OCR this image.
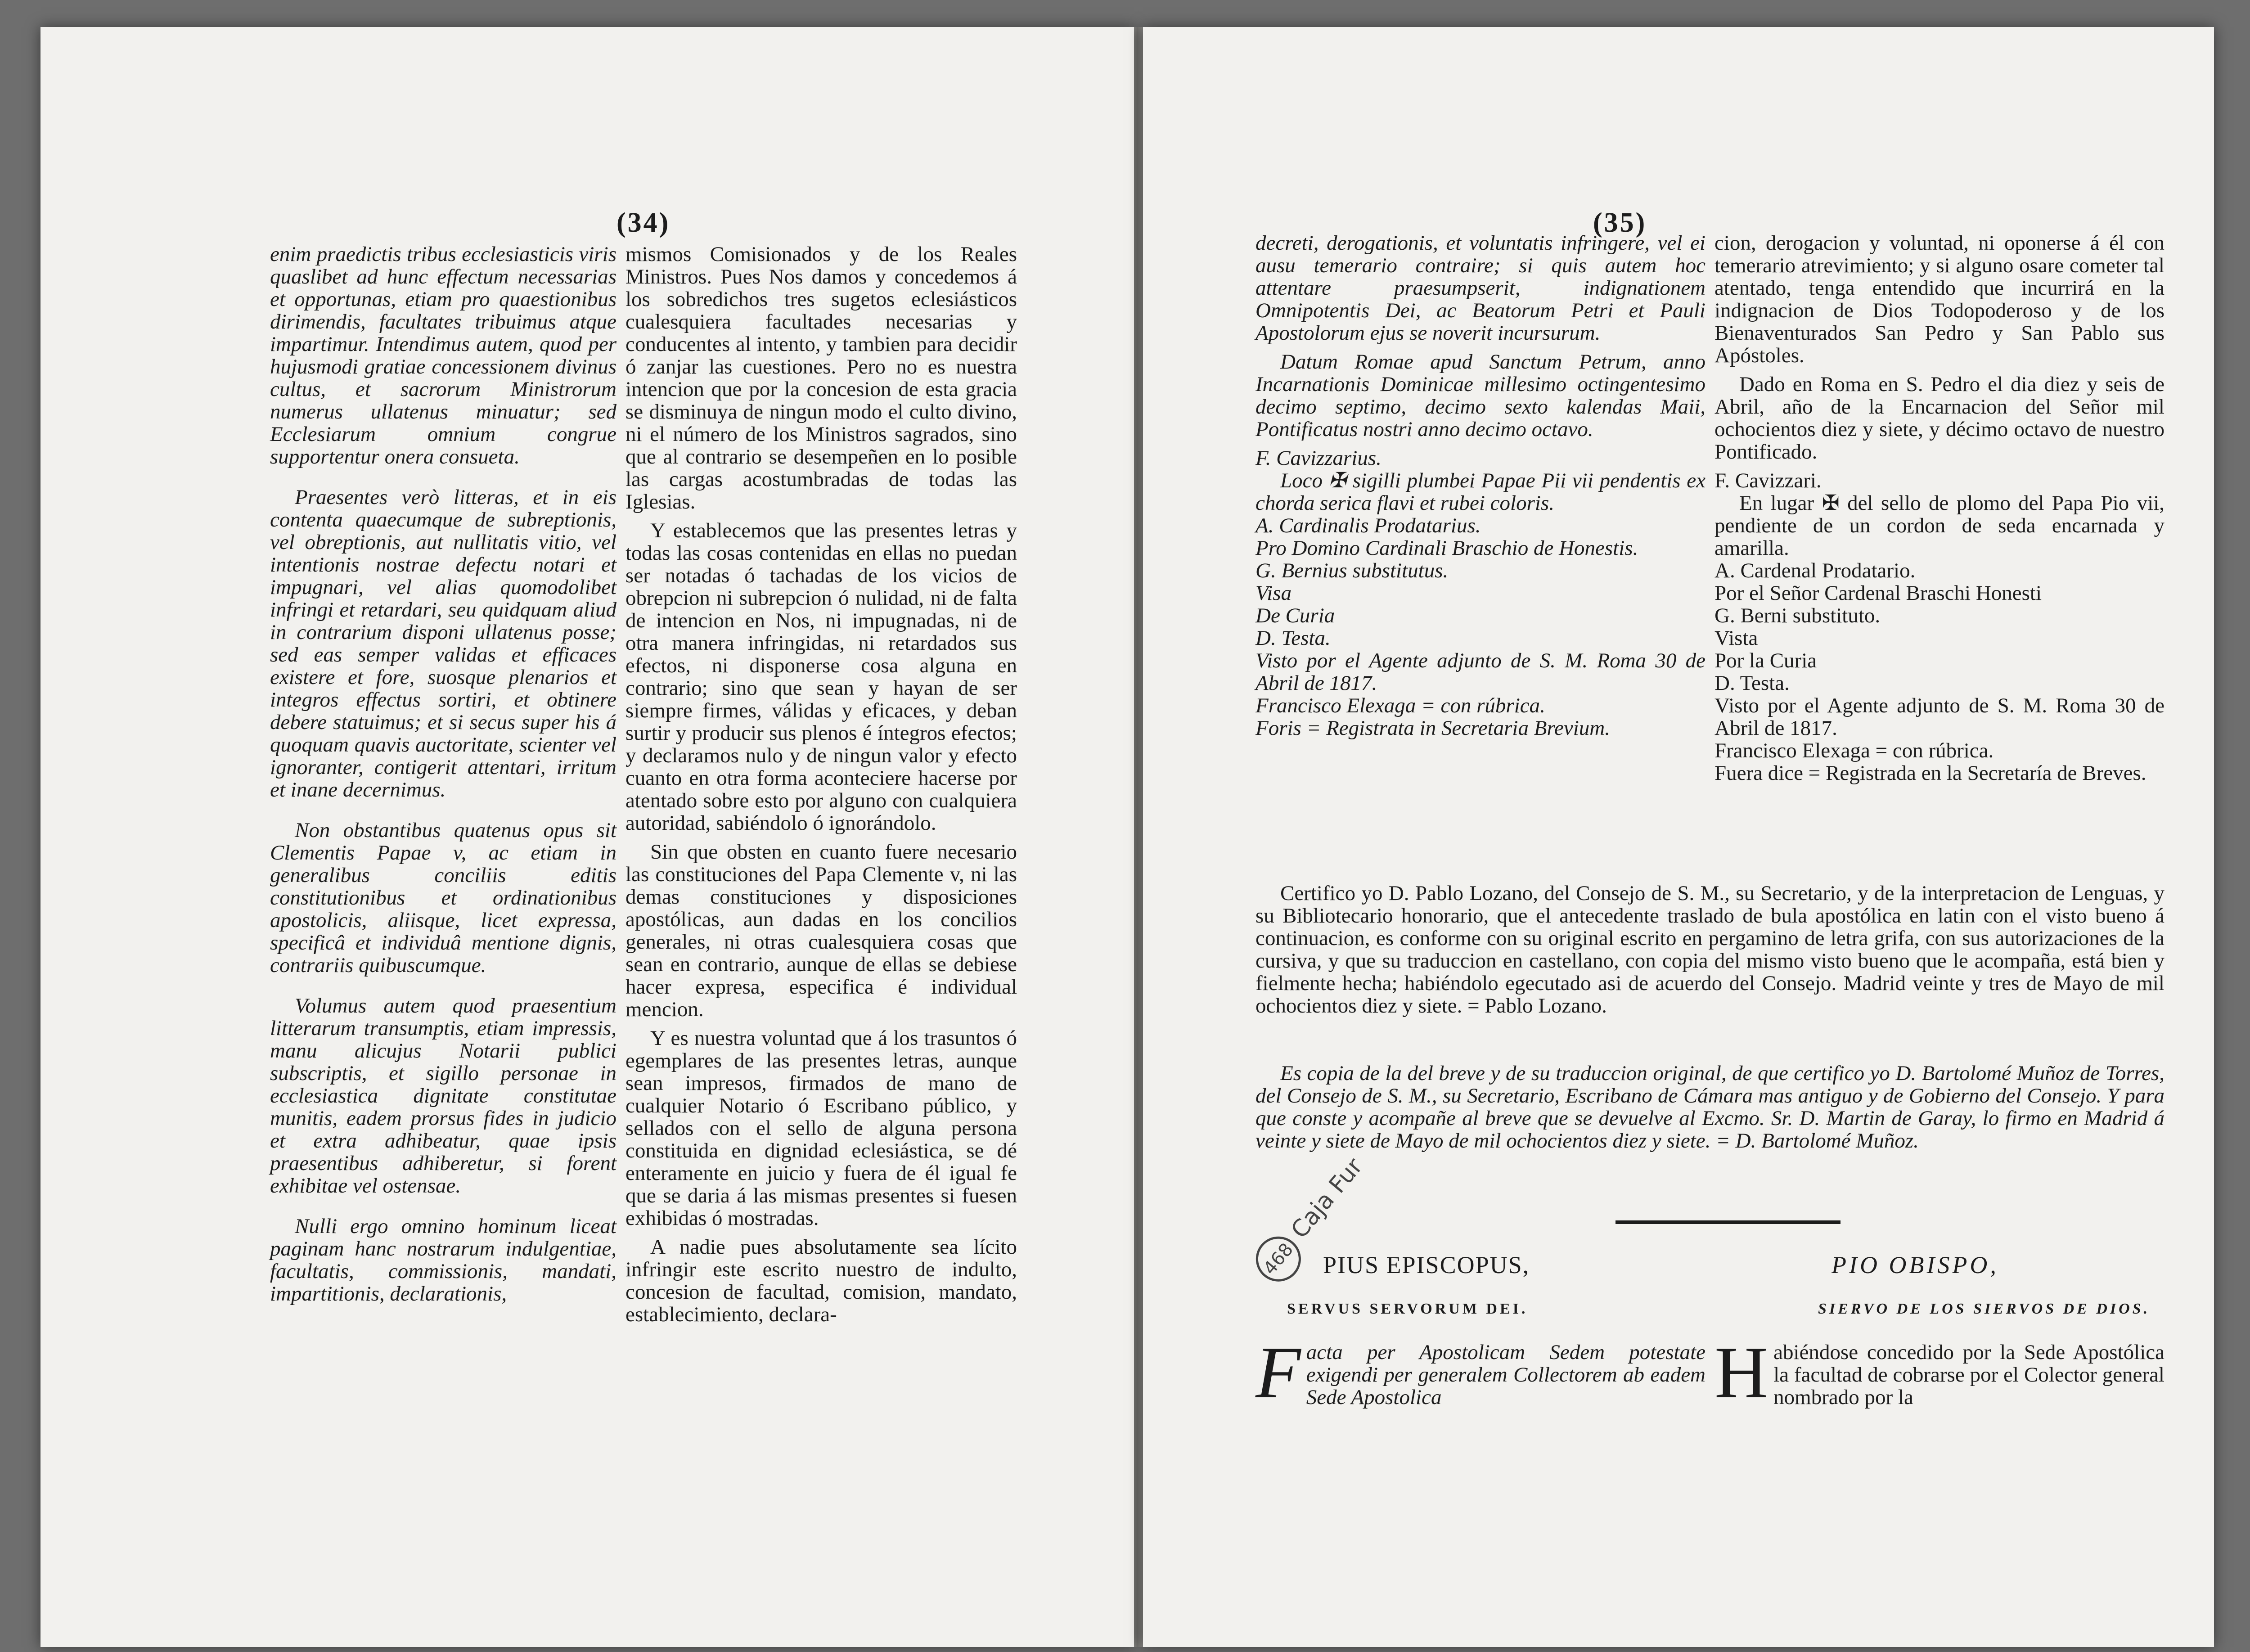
(34)

enim praedictis tribus ecclesiasticis viris quaslibet ad hunc effectum necessarias et opportunas, etiam pro quaestionibus dirimendis, facultates tribuimus atque impartimur. Intendimus autem, quod per hujusmodi gratiae concessionem divinus cultus, et sacrorum Ministrorum numerus ullatenus minuatur; sed Ecclesiarum omnium congrue supportentur onera consueta.

Praesentes verò litteras, et in eis contenta quaecumque de subreptionis, vel obreptionis, aut nullitatis vitio, vel intentionis nostrae defectu notari et impugnari, vel alias quomodolibet infringi et retardari, seu quidquam aliud in contrarium disponi ullatenus posse; sed eas semper validas et efficaces existere et fore, suosque plenarios et integros effectus sortiri, et obtinere debere statuimus; et si secus super his á quoquam quavis auctoritate, scienter vel ignoranter, contigerit attentari, irritum et inane decernimus.

Non obstantibus quatenus opus sit Clementis Papae v, ac etiam in generalibus conciliis editis constitutionibus et ordinationibus apostolicis, aliisque, licet expressa, specificâ et individuâ mentione dignis, contrariis quibuscumque.

Volumus autem quod praesentium litterarum transumptis, etiam impressis, manu alicujus Notarii publici subscriptis, et sigillo personae in ecclesiastica dignitate constitutae munitis, eadem prorsus fides in judicio et extra adhibeatur, quae ipsis praesentibus adhiberetur, si forent exhibitae vel ostensae.

Nulli ergo omnino hominum liceat paginam hanc nostrarum indulgentiae, facultatis, commissionis, mandati, impartitionis, declarationis,

mismos Comisionados y de los Reales Ministros. Pues Nos damos y concedemos á los sobredichos tres sugetos eclesiásticos cualesquiera facultades necesarias y conducentes al intento, y tambien para decidir ó zanjar las cuestiones. Pero no es nuestra intencion que por la concesion de esta gracia se disminuya de ningun modo el culto divino, ni el número de los Ministros sagrados, sino que al contrario se desempeñen en lo posible las cargas acostumbradas de todas las Iglesias.

Y establecemos que las presentes letras y todas las cosas contenidas en ellas no puedan ser notadas ó tachadas de los vicios de obrepcion ni subrepcion ó nulidad, ni de falta de intencion en Nos, ni impugnadas, ni de otra manera infringidas, ni retardados sus efectos, ni disponerse cosa alguna en contrario; sino que sean y hayan de ser siempre firmes, válidas y eficaces, y deban surtir y producir sus plenos é íntegros efectos; y declaramos nulo y de ningun valor y efecto cuanto en otra forma aconteciere hacerse por atentado sobre esto por alguno con cualquiera autoridad, sabiéndolo ó ignorándolo.

Sin que obsten en cuanto fuere necesario las constituciones del Papa Clemente v, ni las demas constituciones y disposiciones apostólicas, aun dadas en los concilios generales, ni otras cualesquiera cosas que sean en contrario, aunque de ellas se debiese hacer expresa, especifica é individual mencion.

Y es nuestra voluntad que á los trasuntos ó egemplares de las presentes letras, aunque sean impresos, firmados de mano de cualquier Notario ó Escribano público, y sellados con el sello de alguna persona constituida en dignidad eclesiástica, se dé enteramente en juicio y fuera de él igual fe que se daria á las mismas presentes si fuesen exhibidas ó mostradas.

A nadie pues absolutamente sea lícito infringir este escrito nuestro de indulto, concesion de facultad, comision, mandato, establecimiento, declara-

(35)

decreti, derogationis, et voluntatis infringere, vel ei ausu temerario contraire; si quis autem hoc attentare praesumpserit, indignationem Omnipotentis Dei, ac Beatorum Petri et Pauli Apostolorum ejus se noverit incursurum.

Datum Romae apud Sanctum Petrum, anno Incarnationis Dominicae millesimo octingentesimo decimo septimo, decimo sexto kalendas Maii, Pontificatus nostri anno decimo octavo.

F. Cavizzarius.
Loco ✠ sigilli plumbei Papae Pii vii pendentis ex chorda serica flavi et rubei coloris.
A. Cardinalis Prodatarius.
Pro Domino Cardinali Braschio de Honestis.
G. Bernius substitutus.
Visa
De Curia
D. Testa.
Visto por el Agente adjunto de S. M. Roma 30 de Abril de 1817.
Francisco Elexaga = con rúbrica.
Foris = Registrata in Secretaria Brevium.

cion, derogacion y voluntad, ni oponerse á él con temerario atrevimiento; y si alguno osare cometer tal atentado, tenga entendido que incurrirá en la indignacion de Dios Todopoderoso y de los Bienaventurados San Pedro y San Pablo sus Apóstoles.

Dado en Roma en S. Pedro el dia diez y seis de Abril, año de la Encarnacion del Señor mil ochocientos diez y siete, y décimo octavo de nuestro Pontificado.

F. Cavizzari.
En lugar ✠ del sello de plomo del Papa Pio vii, pendiente de un cordon de seda encarnada y amarilla.
A. Cardenal Prodatario.
Por el Señor Cardenal Braschi Honesti
G. Berni substituto.
Vista
Por la Curia
D. Testa.
Visto por el Agente adjunto de S. M. Roma 30 de Abril de 1817.
Francisco Elexaga = con rúbrica.
Fuera dice = Registrada en la Secretaría de Breves.

Certifico yo D. Pablo Lozano, del Consejo de S. M., su Secretario, y de la interpretacion de Lenguas, y su Bibliotecario honorario, que el antecedente traslado de bula apostólica en latin con el visto bueno á continuacion, es conforme con su original escrito en pergamino de letra grifa, con sus autorizaciones de la cursiva, y que su traduccion en castellano, con copia del mismo visto bueno que le acompaña, está bien y fielmente hecha; habiéndolo egecutado asi de acuerdo del Consejo. Madrid veinte y tres de Mayo de mil ochocientos diez y siete. = Pablo Lozano.

Es copia de la del breve y de su traduccion original, de que certifico yo D. Bartolomé Muñoz de Torres, del Consejo de S. M., su Secretario, Escribano de Cámara mas antiguo y de Gobierno del Consejo. Y para que conste y acompañe al breve que se devuelve al Excmo. Sr. D. Martin de Garay, lo firmo en Madrid á veinte y siete de Mayo de mil ochocientos diez y siete. = D. Bartolomé Muñoz.

468 Caja Fur
PIUS EPISCOPUS,	PIO OBISPO,
SERVUS SERVORUM DEI.	SIERVO DE LOS SIERVOS DE DIOS.
F acta per Apostolicam Sedem potestate exigendi per generalem Collectorem ab eadem Sede Apostolica	H abiéndose concedido por la Sede Apostólica la facultad de cobrarse por el Colector general nombrado por la
